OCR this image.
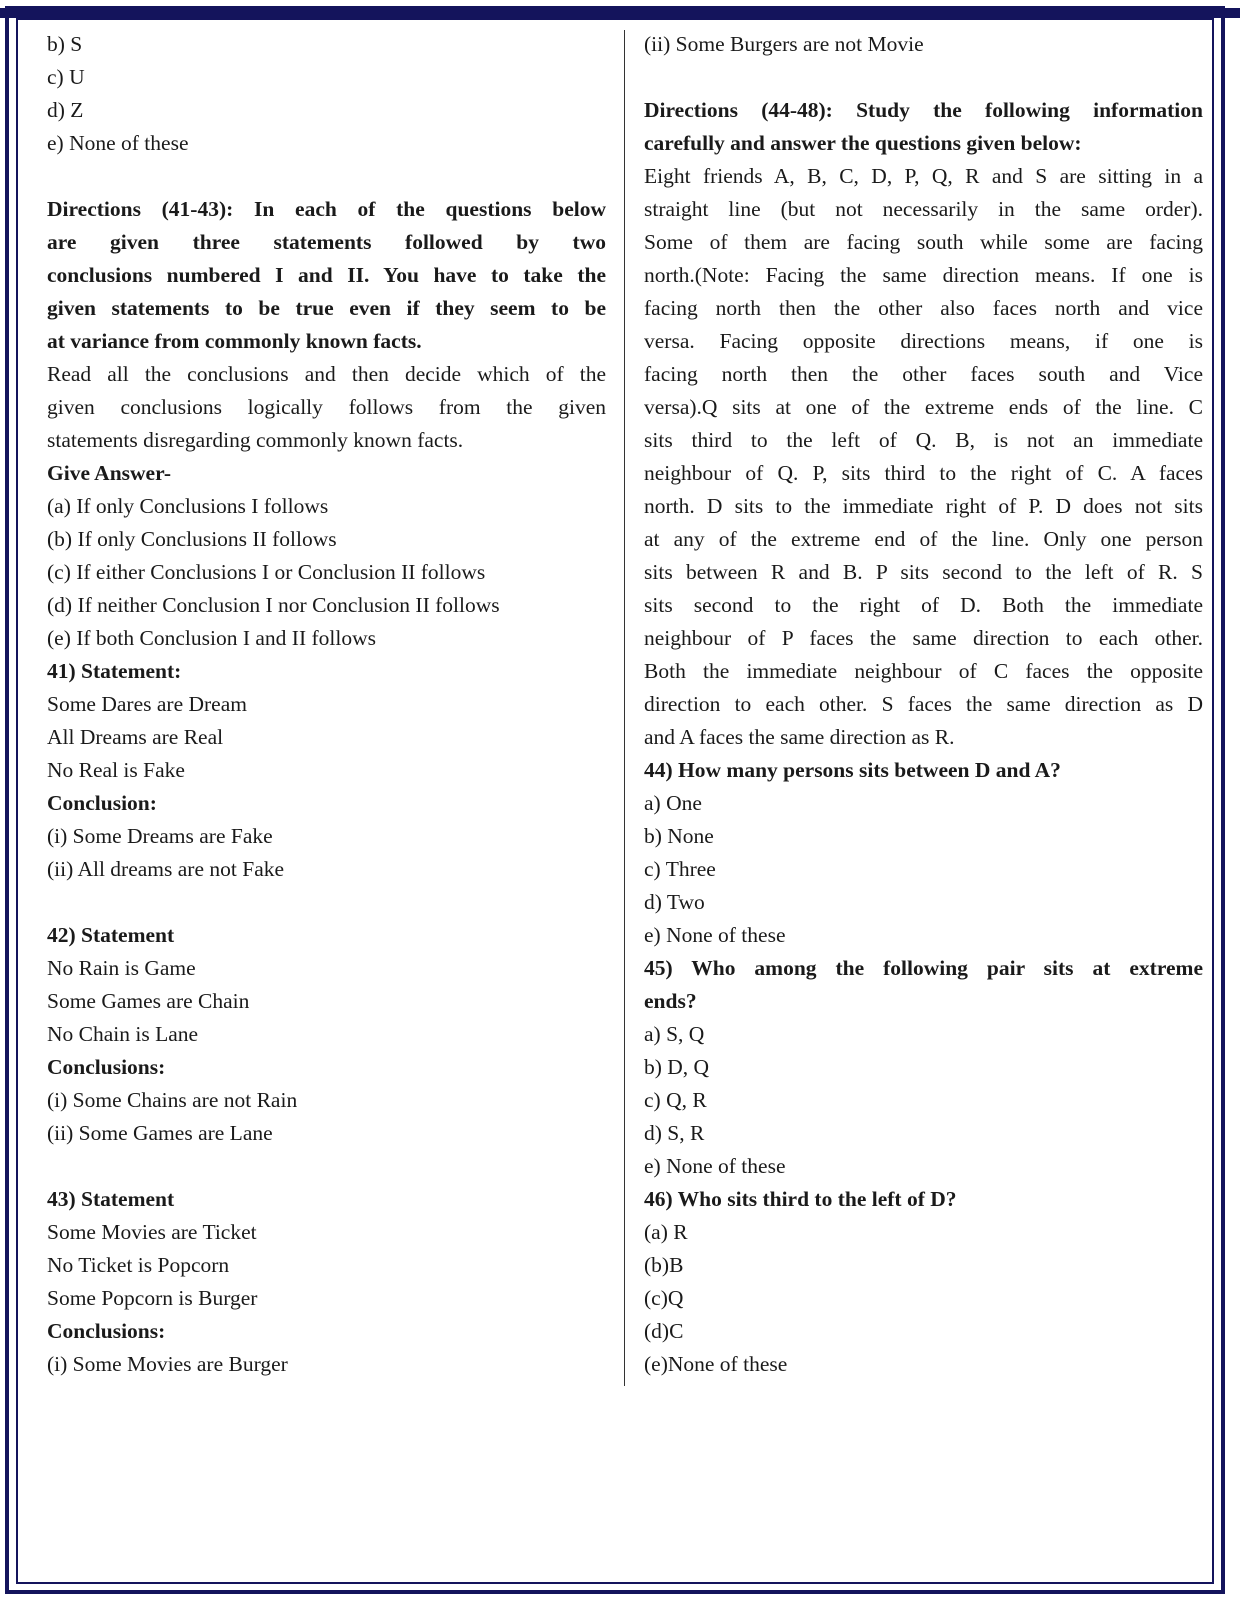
b) S
c) U
d) Z
e) None of these
Directions (41-43): In each of the questions below
are given three statements followed by two
conclusions numbered I and II. You have to take the
given statements to be true even if they seem to be
at variance from commonly known facts.
Read all the conclusions and then decide which of the
given conclusions logically follows from the given
statements disregarding commonly known facts.
Give Answer-
(a) If only Conclusions I follows
(b) If only Conclusions II follows
(c) If either Conclusions I or Conclusion II follows
(d) If neither Conclusion I nor Conclusion II follows
(e) If both Conclusion I and II follows
41) Statement:
Some Dares are Dream
All Dreams are Real
No Real is Fake
Conclusion:
(i) Some Dreams are Fake
(ii) All dreams are not Fake
42) Statement
No Rain is Game
Some Games are Chain
No Chain is Lane
Conclusions:
(i) Some Chains are not Rain
(ii) Some Games are Lane
43) Statement
Some Movies are Ticket
No Ticket is Popcorn
Some Popcorn is Burger
Conclusions:
(i) Some Movies are Burger
(ii) Some Burgers are not Movie
Directions (44-48): Study the following information
carefully and answer the questions given below:
Eight friends A, B, C, D, P, Q, R and S are sitting in a
straight line (but not necessarily in the same order).
Some of them are facing south while some are facing
north.(Note: Facing the same direction means. If one is
facing north then the other also faces north and vice
versa. Facing opposite directions means, if one is
facing north then the other faces south and Vice
versa).Q sits at one of the extreme ends of the line. C
sits third to the left of Q. B, is not an immediate
neighbour of Q. P, sits third to the right of C. A faces
north. D sits to the immediate right of P. D does not sits
at any of the extreme end of the line. Only one person
sits between R and B. P sits second to the left of R. S
sits second to the right of D. Both the immediate
neighbour of P faces the same direction to each other.
Both the immediate neighbour of C faces the opposite
direction to each other. S faces the same direction as D
and A faces the same direction as R.
44) How many persons sits between D and A?
a) One
b) None
c) Three
d) Two
e) None of these
45) Who among the following pair sits at extreme
ends?
a) S, Q
b) D, Q
c) Q, R
d) S, R
e) None of these
46) Who sits third to the left of D?
(a) R
(b)B
(c)Q
(d)C
(e)None of these
